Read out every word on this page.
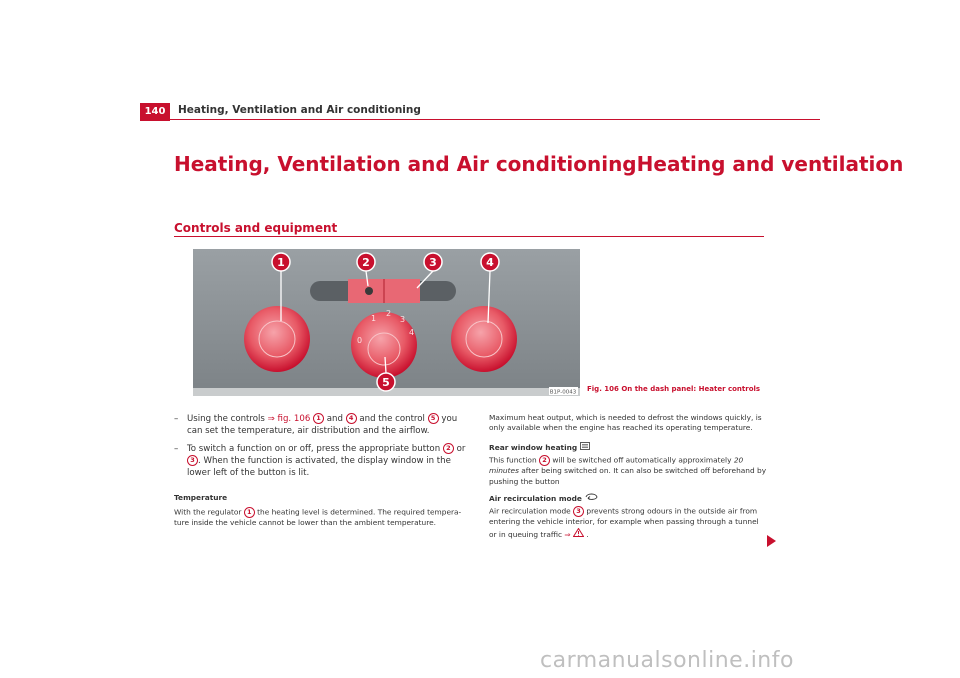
140	Heating, Ventilation and Air conditioning
Heating, Ventilation and Air conditioningHeating and ventilation
Controls and equipment
0
1
2
3
4
1	2	3	4
5
B1P-0043 Fig. 106 On the dash panel: Heater controls
–	Using the controls ⇒ fig. 106 1 and 4 and the control 5 you can set the temperature, air distribution and the airflow.
–	To switch a function on or off, press the appropriate button 2 or 3 . When the function is activated, the display window in the lower left of the button is lit.
Temperature
With the regulator 1 the heating level is determined. The required tempera-ture inside the vehicle cannot be lower than the ambient temperature.
Maximum heat output, which is needed to defrost the windows quickly, is only available when the engine has reached its operating temperature.
Rear window heating
This function 2 will be switched off automatically approximately 20 minutes after being switched on. It can also be switched off beforehand by pushing the button
Air recirculation mode
Air recirculation mode 3 prevents strong odours in the outside air from entering the vehicle interior, for example when passing through a tunnel or in queuing traffic ⇒  .
carmanualsonline.info
